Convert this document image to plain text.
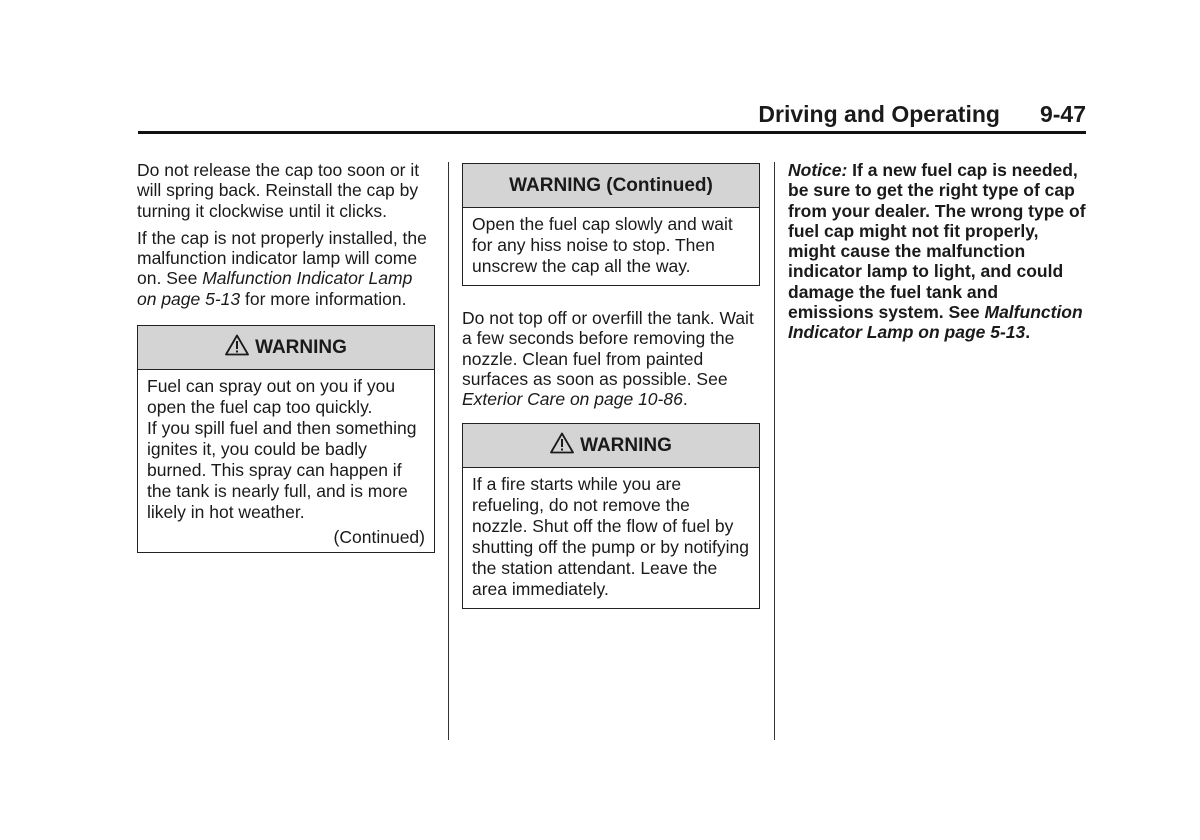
Driving and Operating 9-47

Do not release the cap too soon or it will spring back. Reinstall the cap by turning it clockwise until it clicks.

If the cap is not properly installed, the malfunction indicator lamp will come on. See Malfunction Indicator Lamp on page 5-13 for more information.

WARNING
Fuel can spray out on you if you open the fuel cap too quickly.
If you spill fuel and then something ignites it, you could be badly burned. This spray can happen if the tank is nearly full, and is more likely in hot weather.
(Continued)
WARNING (Continued)
Open the fuel cap slowly and wait for any hiss noise to stop. Then unscrew the cap all the way.

Do not top off or overfill the tank. Wait a few seconds before removing the nozzle. Clean fuel from painted surfaces as soon as possible. See Exterior Care on page 10-86.

WARNING
If a fire starts while you are refueling, do not remove the nozzle. Shut off the flow of fuel by shutting off the pump or by notifying the station attendant. Leave the area immediately.

Notice: If a new fuel cap is needed, be sure to get the right type of cap from your dealer. The wrong type of fuel cap might not fit properly, might cause the malfunction indicator lamp to light, and could damage the fuel tank and emissions system. See Malfunction Indicator Lamp on page 5-13.
